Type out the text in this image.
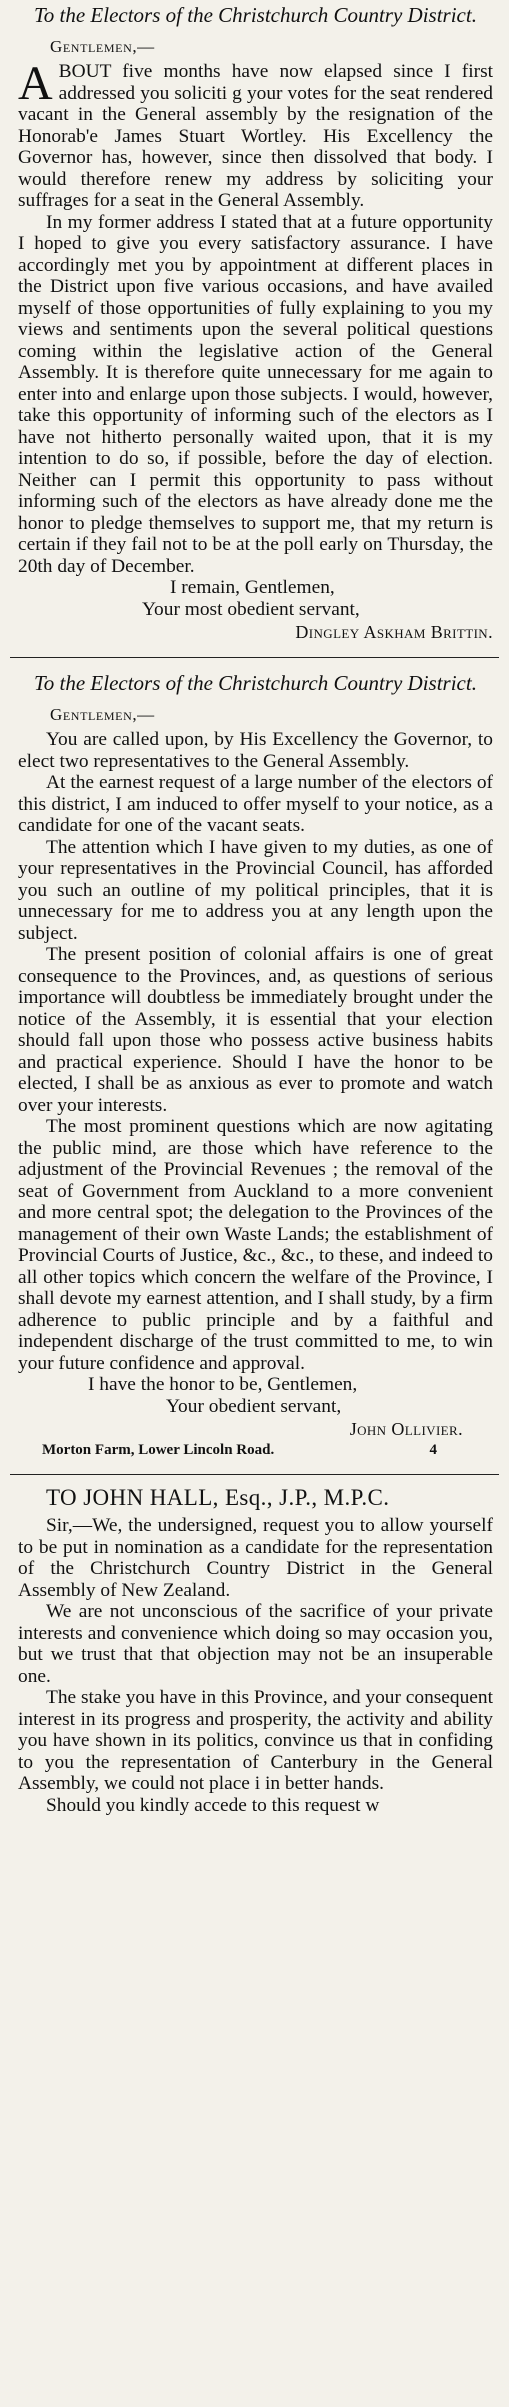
To the Electors of the Christchurch Country District.
Gentlemen,—

ABOUT five months have now elapsed since I first addressed you soliciti g your votes for the seat rendered vacant in the General assembly by the resignation of the Honorab'e James Stuart Wortley. His Excellency the Governor has, however, since then dissolved that body. I would therefore renew my address by soliciting your suffrages for a seat in the General Assembly.

In my former address I stated that at a future opportunity I hoped to give you every satisfactory assurance. I have accordingly met you by appointment at different places in the District upon five various occasions, and have availed myself of those opportunities of fully explaining to you my views and sentiments upon the several political questions coming within the legislative action of the General Assembly. It is therefore quite unnecessary for me again to enter into and enlarge upon those subjects. I would, however, take this opportunity of informing such of the electors as I have not hitherto personally waited upon, that it is my intention to do so, if possible, before the day of election. Neither can I permit this opportunity to pass without informing such of the electors as have already done me the honor to pledge themselves to support me, that my return is certain if they fail not to be at the poll early on Thursday, the 20th day of December.

I remain, Gentlemen,

Your most obedient servant,

Dingley Askham Brittin.

To the Electors of the Christchurch Country District.
Gentlemen,—

You are called upon, by His Excellency the Governor, to elect two representatives to the General Assembly.

At the earnest request of a large number of the electors of this district, I am induced to offer myself to your notice, as a candidate for one of the vacant seats.

The attention which I have given to my duties, as one of your representatives in the Provincial Council, has afforded you such an outline of my political principles, that it is unnecessary for me to address you at any length upon the subject.

The present position of colonial affairs is one of great consequence to the Provinces, and, as questions of serious importance will doubtless be immediately brought under the notice of the Assembly, it is essential that your election should fall upon those who possess active business habits and practical experience. Should I have the honor to be elected, I shall be as anxious as ever to promote and watch over your interests.

The most prominent questions which are now agitating the public mind, are those which have reference to the adjustment of the Provincial Revenues ; the removal of the seat of Government from Auckland to a more convenient and more central spot; the delegation to the Provinces of the management of their own Waste Lands; the establishment of Provincial Courts of Justice, &c., &c., to these, and indeed to all other topics which concern the welfare of the Province, I shall devote my earnest attention, and I shall study, by a firm adherence to public principle and by a faithful and independent discharge of the trust committed to me, to win your future confidence and approval.

I have the honor to be, Gentlemen,

Your obedient servant,

John Ollivier.

Morton Farm, Lower Lincoln Road.	4

TO JOHN HALL, Esq., J.P., M.P.C.

Sir,—We, the undersigned, request you to allow yourself to be put in nomination as a candidate for the representation of the Christchurch Country District in the General Assembly of New Zealand.

We are not unconscious of the sacrifice of your private interests and convenience which doing so may occasion you, but we trust that that objection may not be an insuperable one.

The stake you have in this Province, and your consequent interest in its progress and prosperity, the activity and ability you have shown in its politics, convince us that in confiding to you the representation of Canterbury in the General Assembly, we could not place i in better hands.

Should you kindly accede to this request w
